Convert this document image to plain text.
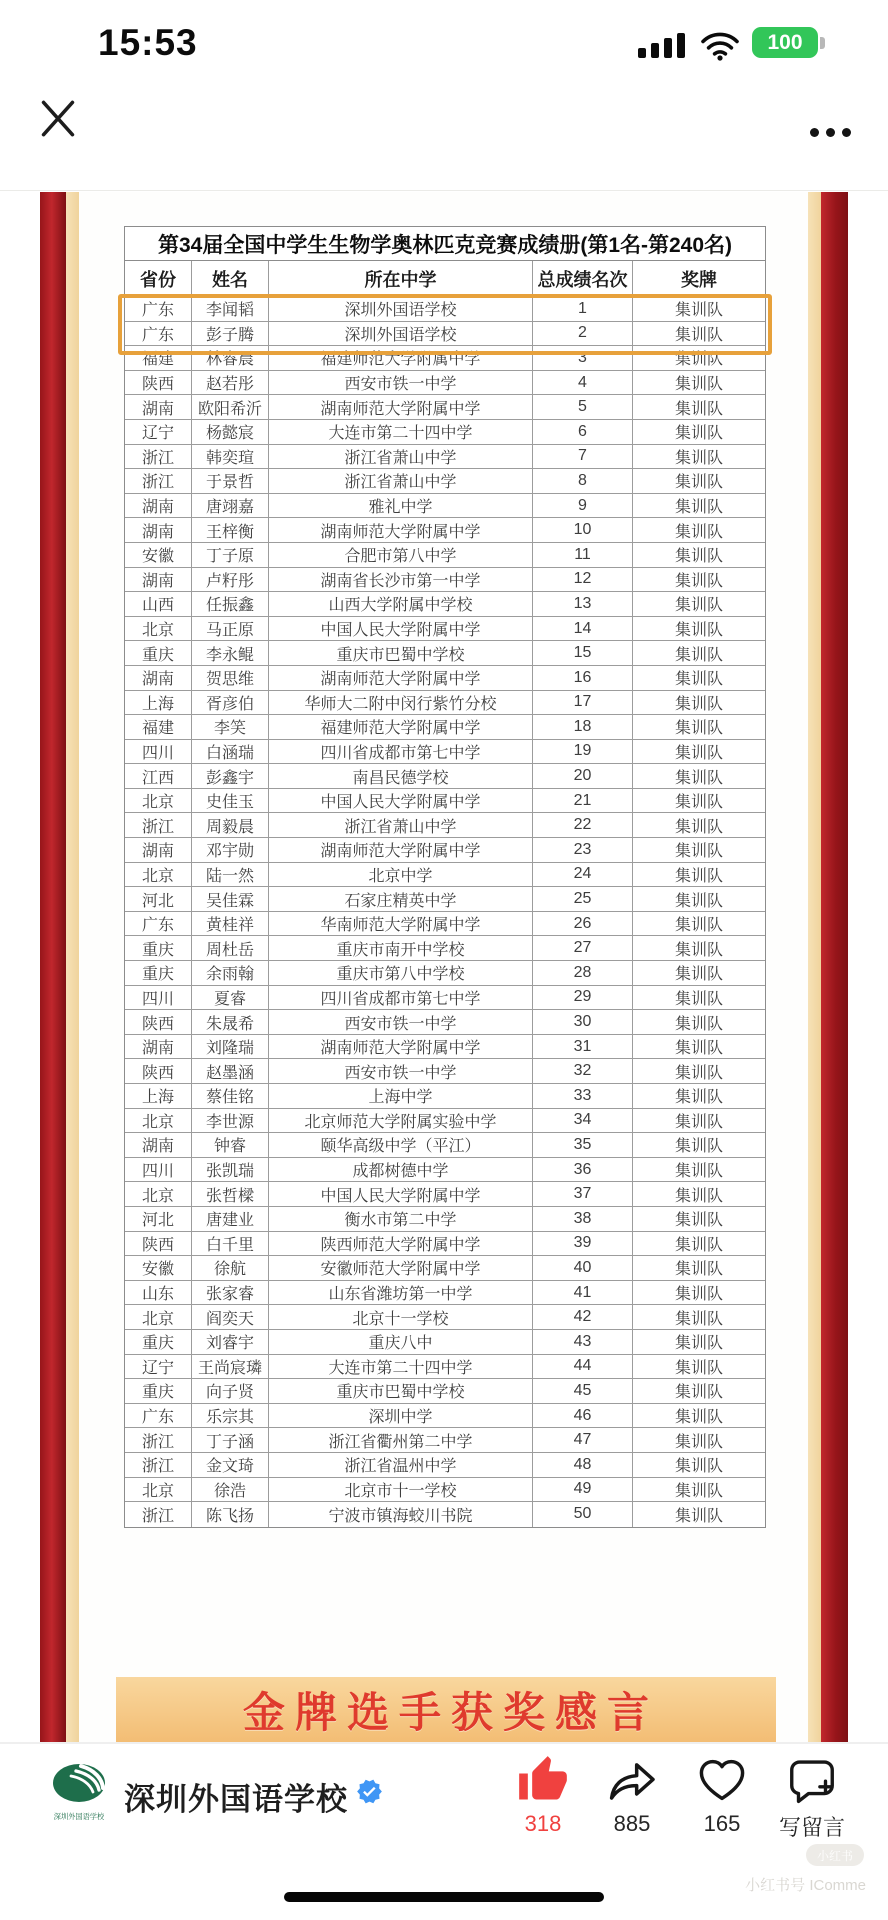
15:53	100
第34届全国中学生生物学奥林匹克竞赛成绩册(第1名-第240名)
省份	姓名	所在中学	总成绩名次	奖牌
广东	李闻韬	深圳外国语学校	1	集训队
广东	彭子腾	深圳外国语学校	2	集训队
福建	林睿晨	福建师范大学附属中学	3	集训队
陕西	赵若彤	西安市铁一中学	4	集训队
湖南	欧阳希沂	湖南师范大学附属中学	5	集训队
辽宁	杨懿宸	大连市第二十四中学	6	集训队
浙江	韩奕瑄	浙江省萧山中学	7	集训队
浙江	于景哲	浙江省萧山中学	8	集训队
湖南	唐翊嘉	雅礼中学	9	集训队
湖南	王梓衡	湖南师范大学附属中学	10	集训队
安徽	丁子原	合肥市第八中学	11	集训队
湖南	卢籽彤	湖南省长沙市第一中学	12	集训队
山西	任振鑫	山西大学附属中学校	13	集训队
北京	马正原	中国人民大学附属中学	14	集训队
重庆	李永鲲	重庆市巴蜀中学校	15	集训队
湖南	贺思维	湖南师范大学附属中学	16	集训队
上海	胥彦伯	华师大二附中闵行紫竹分校	17	集训队
福建	李笑	福建师范大学附属中学	18	集训队
四川	白涵瑞	四川省成都市第七中学	19	集训队
江西	彭鑫宇	南昌民德学校	20	集训队
北京	史佳玉	中国人民大学附属中学	21	集训队
浙江	周毅晨	浙江省萧山中学	22	集训队
湖南	邓宇勋	湖南师范大学附属中学	23	集训队
北京	陆一然	北京中学	24	集训队
河北	吴佳霖	石家庄精英中学	25	集训队
广东	黄桂祥	华南师范大学附属中学	26	集训队
重庆	周杜岳	重庆市南开中学校	27	集训队
重庆	余雨翰	重庆市第八中学校	28	集训队
四川	夏睿	四川省成都市第七中学	29	集训队
陕西	朱晟希	西安市铁一中学	30	集训队
湖南	刘隆瑞	湖南师范大学附属中学	31	集训队
陕西	赵墨涵	西安市铁一中学	32	集训队
上海	蔡佳铭	上海中学	33	集训队
北京	李世源	北京师范大学附属实验中学	34	集训队
湖南	钟睿	颐华高级中学（平江）	35	集训队
四川	张凯瑞	成都树德中学	36	集训队
北京	张哲樑	中国人民大学附属中学	37	集训队
河北	唐建业	衡水市第二中学	38	集训队
陕西	白千里	陕西师范大学附属中学	39	集训队
安徽	徐航	安徽师范大学附属中学	40	集训队
山东	张家睿	山东省潍坊第一中学	41	集训队
北京	阎奕天	北京十一学校	42	集训队
重庆	刘睿宇	重庆八中	43	集训队
辽宁	王尚宸璘	大连市第二十四中学	44	集训队
重庆	向子贤	重庆市巴蜀中学校	45	集训队
广东	乐宗其	深圳中学	46	集训队
浙江	丁子涵	浙江省衢州第二中学	47	集训队
浙江	金文琦	浙江省温州中学	48	集训队
北京	徐浩	北京市十一学校	49	集训队
浙江	陈飞扬	宁波市镇海蛟川书院	50	集训队
金牌选手获奖感言
深圳外国语学校 深圳外国语学校
318	885	165	写留言
小红书
小红书号 IComme
